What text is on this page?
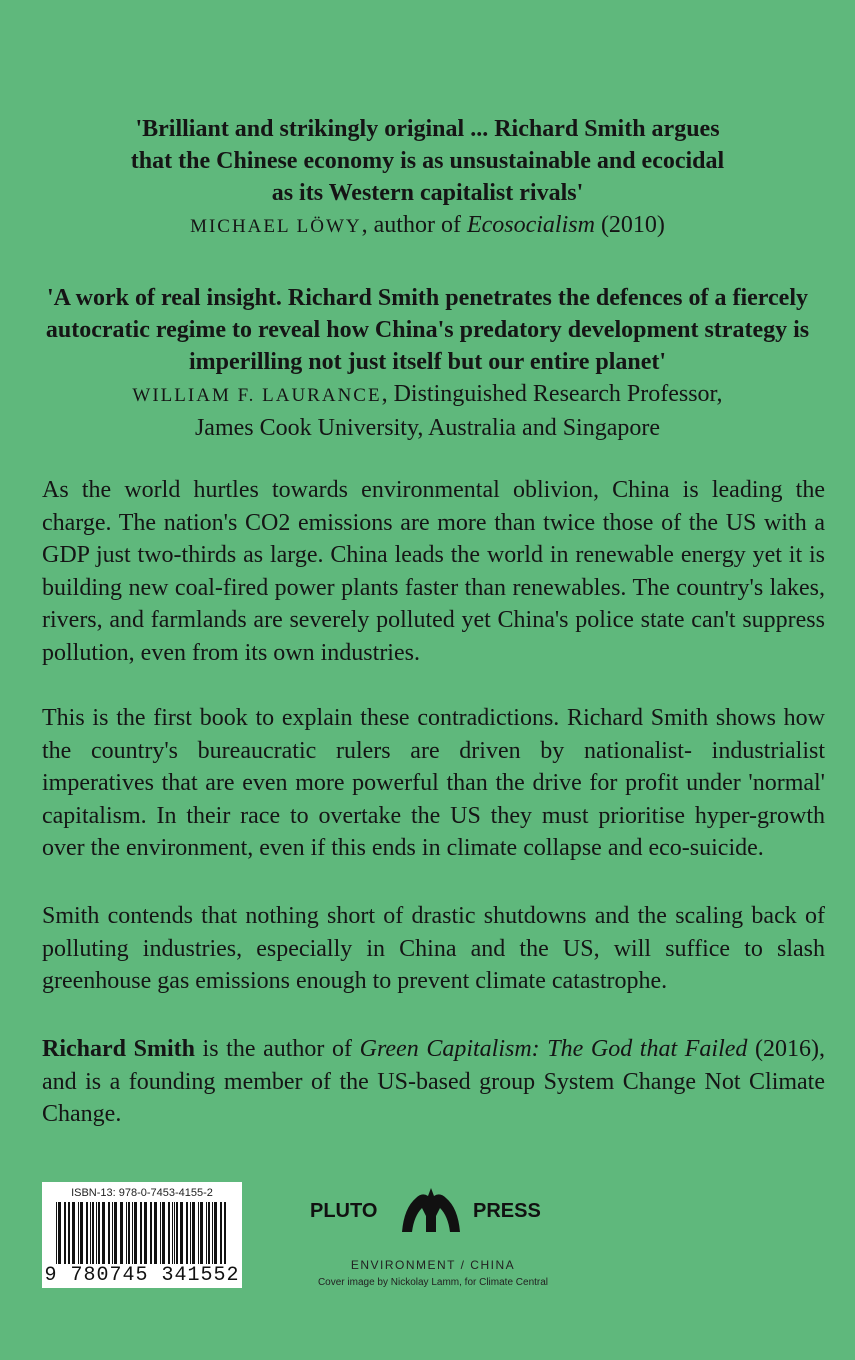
'Brilliant and strikingly original ... Richard Smith argues that the Chinese economy is as unsustainable and ecocidal as its Western capitalist rivals'

MICHAEL LÖWY, author of Ecosocialism (2010)

'A work of real insight. Richard Smith penetrates the defences of a fiercely autocratic regime to reveal how China's predatory development strategy is imperilling not just itself but our entire planet'

WILLIAM F. LAURANCE, Distinguished Research Professor, James Cook University, Australia and Singapore

As the world hurtles towards environmental oblivion, China is leading the charge. The nation's CO2 emissions are more than twice those of the US with a GDP just two-thirds as large. China leads the world in renewable energy yet it is building new coal-fired power plants faster than renewables. The country's lakes, rivers, and farmlands are severely polluted yet China's police state can't suppress pollution, even from its own industries.

This is the first book to explain these contradictions. Richard Smith shows how the country's bureaucratic rulers are driven by nationalist- industrialist imperatives that are even more powerful than the drive for profit under 'normal' capitalism. In their race to overtake the US they must prioritise hyper-growth over the environment, even if this ends in climate collapse and eco-suicide.

Smith contends that nothing short of drastic shutdowns and the scaling back of polluting industries, especially in China and the US, will suffice to slash greenhouse gas emissions enough to prevent climate catastrophe.

Richard Smith is the author of Green Capitalism: The God that Failed (2016), and is a founding member of the US-based group System Change Not Climate Change.

ISBN-13: 978-0-7453-4155-2
9 780745 341552
PLUTO	PRESS
ENVIRONMENT / CHINA
Cover image by Nickolay Lamm, for Climate Central
